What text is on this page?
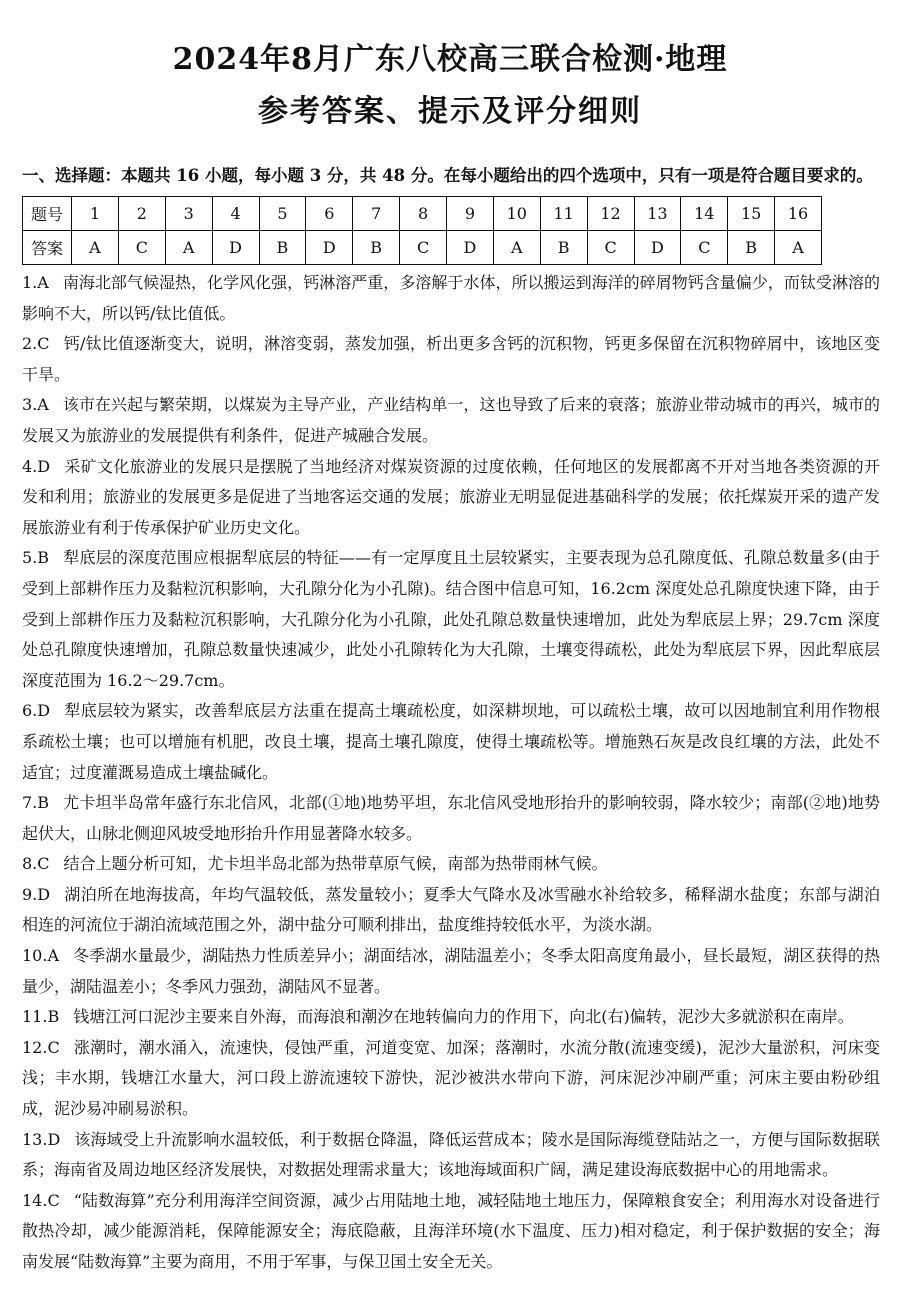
2024年8月广东八校高三联合检测·地理
参考答案、提示及评分细则
一、选择题：本题共 16 小题，每小题 3 分，共 48 分。在每小题给出的四个选项中，只有一项是符合题目要求的。
题号	1	2	3	4	5	6	7	8	9	10	11	12	13	14	15	16
答案	A	C	A	D	B	D	B	C	D	A	B	C	D	C	B	A

1.A 南海北部气候湿热，化学风化强，钙淋溶严重，多溶解于水体，所以搬运到海洋的碎屑物钙含量偏少，而钛受淋溶的影响不大，所以钙/钛比值低。

2.C 钙/钛比值逐渐变大，说明，淋溶变弱，蒸发加强，析出更多含钙的沉积物，钙更多保留在沉积物碎屑中，该地区变干旱。

3.A 该市在兴起与繁荣期，以煤炭为主导产业，产业结构单一，这也导致了后来的衰落；旅游业带动城市的再兴，城市的发展又为旅游业的发展提供有利条件，促进产城融合发展。

4.D 采矿文化旅游业的发展只是摆脱了当地经济对煤炭资源的过度依赖，任何地区的发展都离不开对当地各类资源的开发和利用；旅游业的发展更多是促进了当地客运交通的发展；旅游业无明显促进基础科学的发展；依托煤炭开采的遗产发展旅游业有利于传承保护矿业历史文化。

5.B 犁底层的深度范围应根据犁底层的特征——有一定厚度且土层较紧实，主要表现为总孔隙度低、孔隙总数量多(由于受到上部耕作压力及黏粒沉积影响，大孔隙分化为小孔隙)。结合图中信息可知，16.2cm 深度处总孔隙度快速下降，由于受到上部耕作压力及黏粒沉积影响，大孔隙分化为小孔隙，此处孔隙总数量快速增加，此处为犁底层上界；29.7cm 深度处总孔隙度快速增加，孔隙总数量快速减少，此处小孔隙转化为大孔隙，土壤变得疏松，此处为犁底层下界，因此犁底层深度范围为 16.2～29.7cm。

6.D 犁底层较为紧实，改善犁底层方法重在提高土壤疏松度，如深耕坝地，可以疏松土壤，故可以因地制宜利用作物根系疏松土壤；也可以增施有机肥，改良土壤，提高土壤孔隙度，使得土壤疏松等。增施熟石灰是改良红壤的方法，此处不适宜；过度灌溉易造成土壤盐碱化。

7.B 尤卡坦半岛常年盛行东北信风，北部(①地)地势平坦，东北信风受地形抬升的影响较弱，降水较少；南部(②地)地势起伏大，山脉北侧迎风坡受地形抬升作用显著降水较多。

8.C 结合上题分析可知，尤卡坦半岛北部为热带草原气候，南部为热带雨林气候。

9.D 湖泊所在地海拔高，年均气温较低，蒸发量较小；夏季大气降水及冰雪融水补给较多，稀释湖水盐度；东部与湖泊相连的河流位于湖泊流域范围之外，湖中盐分可顺利排出，盐度维持较低水平，为淡水湖。

10.A 冬季湖水量最少，湖陆热力性质差异小；湖面结冰，湖陆温差小；冬季太阳高度角最小，昼长最短，湖区获得的热量少，湖陆温差小；冬季风力强劲，湖陆风不显著。

11.B 钱塘江河口泥沙主要来自外海，而海浪和潮汐在地转偏向力的作用下，向北(右)偏转，泥沙大多就淤积在南岸。

12.C 涨潮时，潮水涌入，流速快，侵蚀严重，河道变宽、加深；落潮时，水流分散(流速变缓)，泥沙大量淤积，河床变浅；丰水期，钱塘江水量大，河口段上游流速较下游快，泥沙被洪水带向下游，河床泥沙冲刷严重；河床主要由粉砂组成，泥沙易冲刷易淤积。

13.D 该海域受上升流影响水温较低，利于数据仓降温，降低运营成本；陵水是国际海缆登陆站之一，方便与国际数据联系；海南省及周边地区经济发展快，对数据处理需求量大；该地海域面积广阔，满足建设海底数据中心的用地需求。

14.C “陆数海算”充分利用海洋空间资源，减少占用陆地土地，减轻陆地土地压力，保障粮食安全；利用海水对设备进行散热冷却，减少能源消耗，保障能源安全；海底隐蔽，且海洋环境(水下温度、压力)相对稳定，利于保护数据的安全；海南发展“陆数海算”主要为商用，不用于军事，与保卫国土安全无关。
